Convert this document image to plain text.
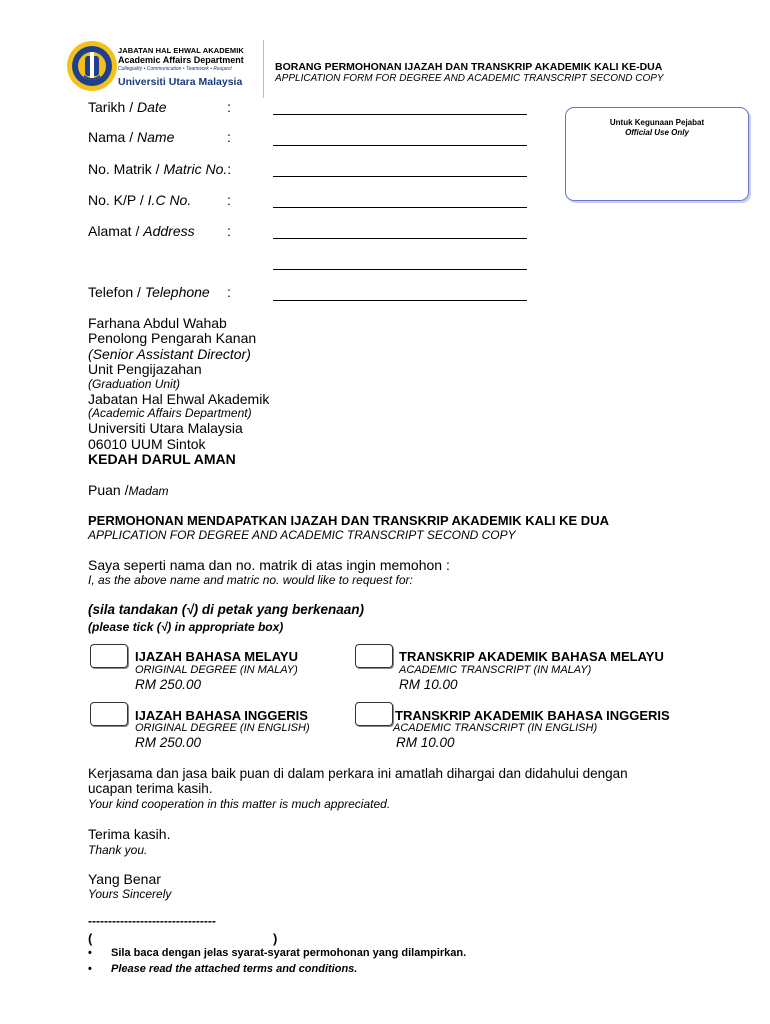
JABATAN HAL EHWAL AKADEMIK
Academic Affairs Department
Collegiality • Communication • Teamwork • Respect
Universiti Utara Malaysia
BORANG PERMOHONAN IJAZAH DAN TRANSKRIP AKADEMIK KALI KE-DUA
APPLICATION FORM FOR DEGREE AND ACADEMIC TRANSCRIPT SECOND COPY
Untuk Kegunaan Pejabat
Official Use Only
Tarikh / Date	:
Nama / Name	:
No. Matrik / Matric No.:
No. K/P / I.C No.	:
Alamat / Address :
Telefon / Telephone :
Farhana Abdul Wahab
Penolong Pengarah Kanan
(Senior Assistant Director)
Unit Pengijazahan
(Graduation Unit)
Jabatan Hal Ehwal Akademik
(Academic Affairs Department)
Universiti Utara Malaysia
06010 UUM Sintok
KEDAH DARUL AMAN
Puan /Madam
PERMOHONAN MENDAPATKAN IJAZAH DAN TRANSKRIP AKADEMIK KALI KE DUA
APPLICATION FOR DEGREE AND ACADEMIC TRANSCRIPT SECOND COPY
Saya seperti nama dan no. matrik di atas ingin memohon :
I, as the above name and matric no. would like to request for:
(sila tandakan (√) di petak yang berkenaan)
(please tick (√) in appropriate box)
IJAZAH BAHASA MELAYU
ORIGINAL DEGREE (IN MALAY)
RM 250.00
TRANSKRIP AKADEMIK BAHASA MELAYU
ACADEMIC TRANSCRIPT (IN MALAY)
RM 10.00
IJAZAH BAHASA INGGERIS
ORIGINAL DEGREE (IN ENGLISH)
RM 250.00
TRANSKRIP AKADEMIK BAHASA INGGERIS
ACADEMIC TRANSCRIPT (IN ENGLISH)
RM 10.00
Kerjasama dan jasa baik puan di dalam perkara ini amatlah dihargai dan didahului dengan
ucapan terima kasih.
Your kind cooperation in this matter is much appreciated.
Terima kasih.
Thank you.
Yang Benar
Yours Sincerely
--------------------------------
(	)
• Sila baca dengan jelas syarat-syarat permohonan yang dilampirkan.
• Please read the attached terms and conditions.
